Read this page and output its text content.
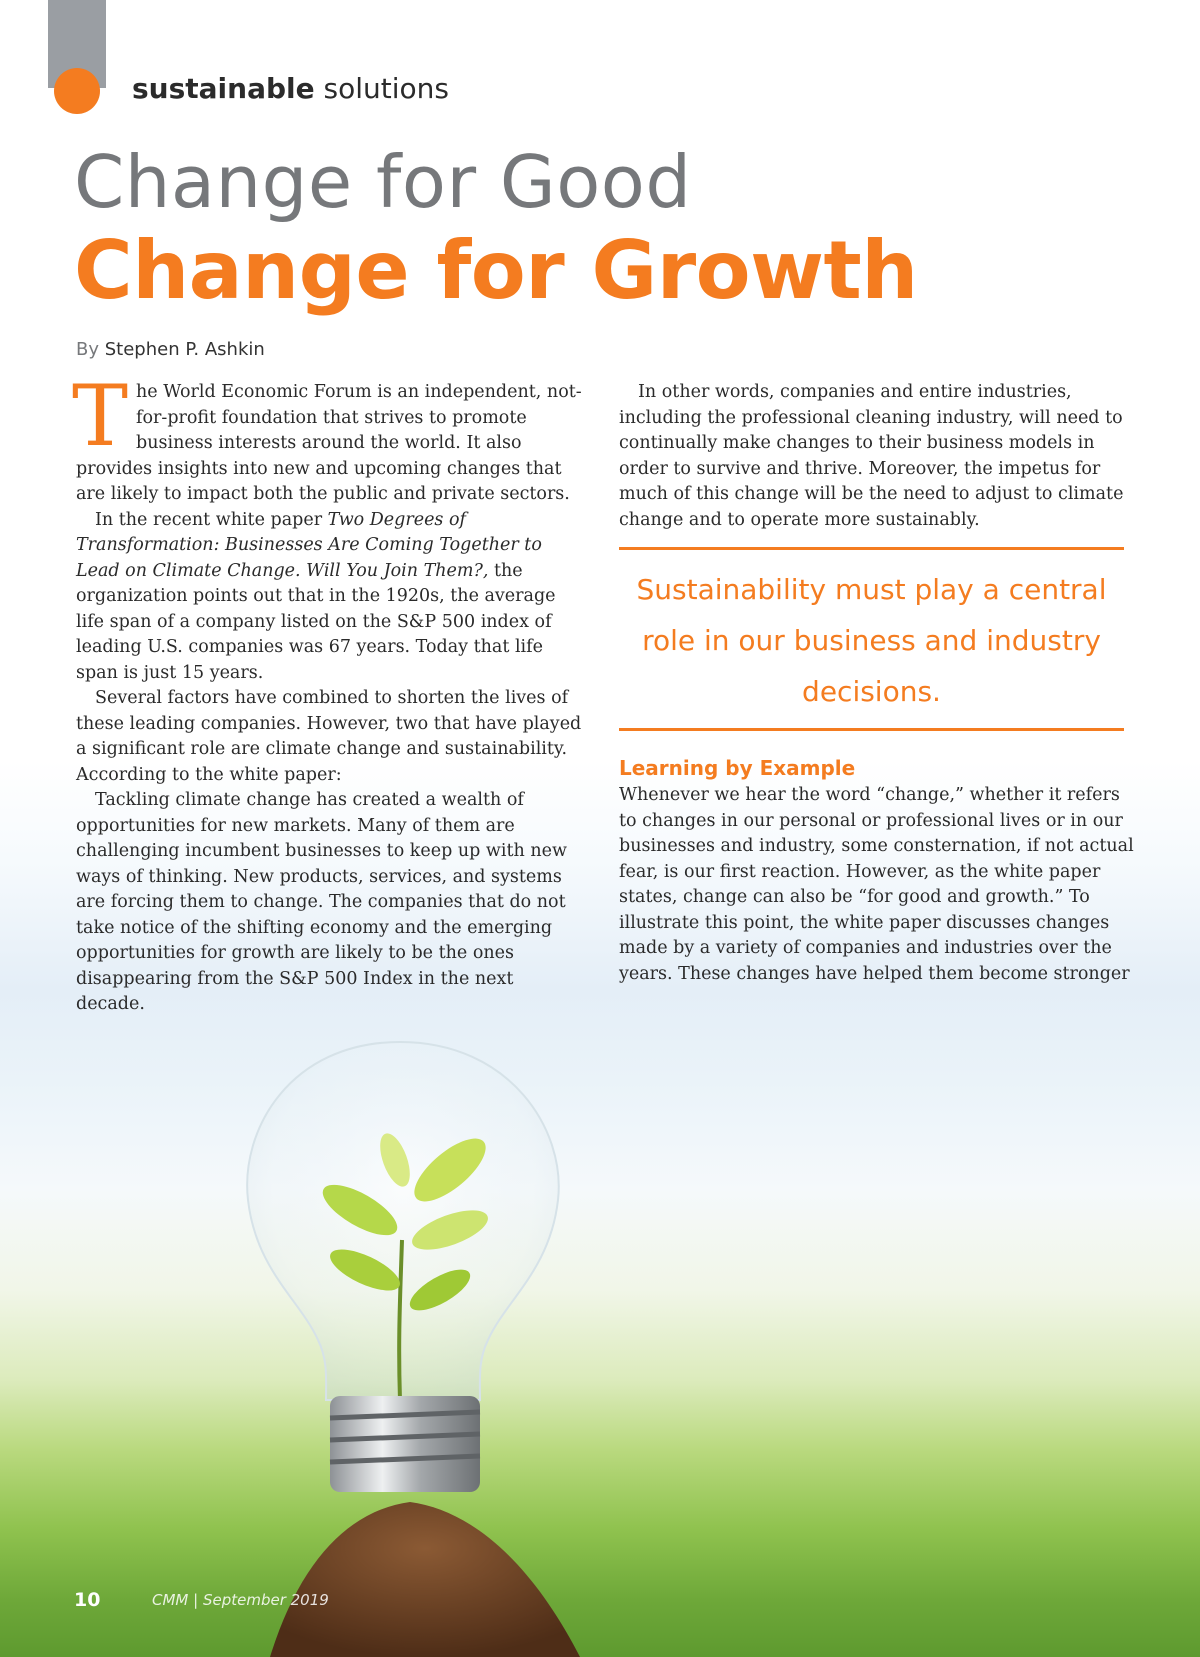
sustainable solutions
Change for Good
Change for Growth
By Stephen P. Ashkin

The World Economic Forum is an independent, not-for-profit foundation that strives to promote business interests around the world. It also provides insights into new and upcoming changes that are likely to impact both the public and private sectors.

In the recent white paper Two Degrees of Transformation: Businesses Are Coming Together to Lead on Climate Change. Will You Join Them?, the organization points out that in the 1920s, the average life span of a company listed on the S&P 500 index of leading U.S. companies was 67 years. Today that life span is just 15 years.

Several factors have combined to shorten the lives of these leading companies. However, two that have played a significant role are climate change and sustainability. According to the white paper:

Tackling climate change has created a wealth of opportunities for new markets. Many of them are challenging incumbent businesses to keep up with new ways of thinking. New products, services, and systems are forcing them to change. The companies that do not take notice of the shifting economy and the emerging opportunities for growth are likely to be the ones disappearing from the S&P 500 Index in the next decade.

In other words, companies and entire industries, including the professional cleaning industry, will need to continually make changes to their business models in order to survive and thrive. Moreover, the impetus for much of this change will be the need to adjust to climate change and to operate more sustainably.

Sustainability must play a central role in our business and industry decisions.
Learning by Example

Whenever we hear the word “change,” whether it refers to changes in our personal or professional lives or in our businesses and industry, some consternation, if not actual fear, is our first reaction. However, as the white paper states, change can also be “for good and growth.” To illustrate this point, the white paper discusses changes made by a variety of companies and industries over the years. These changes have helped them become stronger

10	CMM | September 2019
